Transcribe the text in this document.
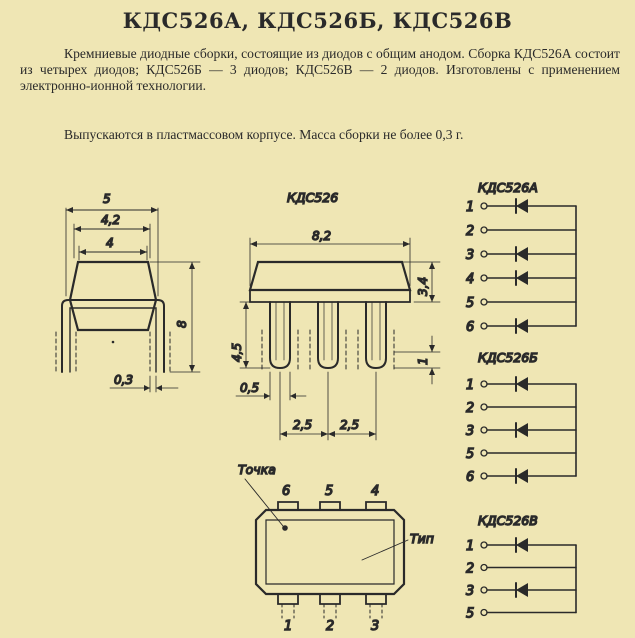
КДС526А, КДС526Б, КДС526В
Кремниевые диодные сборки, состоящие из диодов с общим анодом. Сборка КДС526А состоит из четырех диодов; КДС526Б — 3 диодов; КДС526В — 2 диодов. Изготовлены с применением электронно-ионной технологии.
Выпускаются в пластмассовом корпусе. Масса сборки не более 0,3 г.
5
4,2
4
8
0,3
КДС526
8,2
3,4
1
4,5
0,5
2,5 2,5
Точка
Тип
6	5	4
1	2	3
КДС526А
1
2
3
4
5
6
КДС526Б
1
2
3
5
6
КДС526В
1
2
3
5
